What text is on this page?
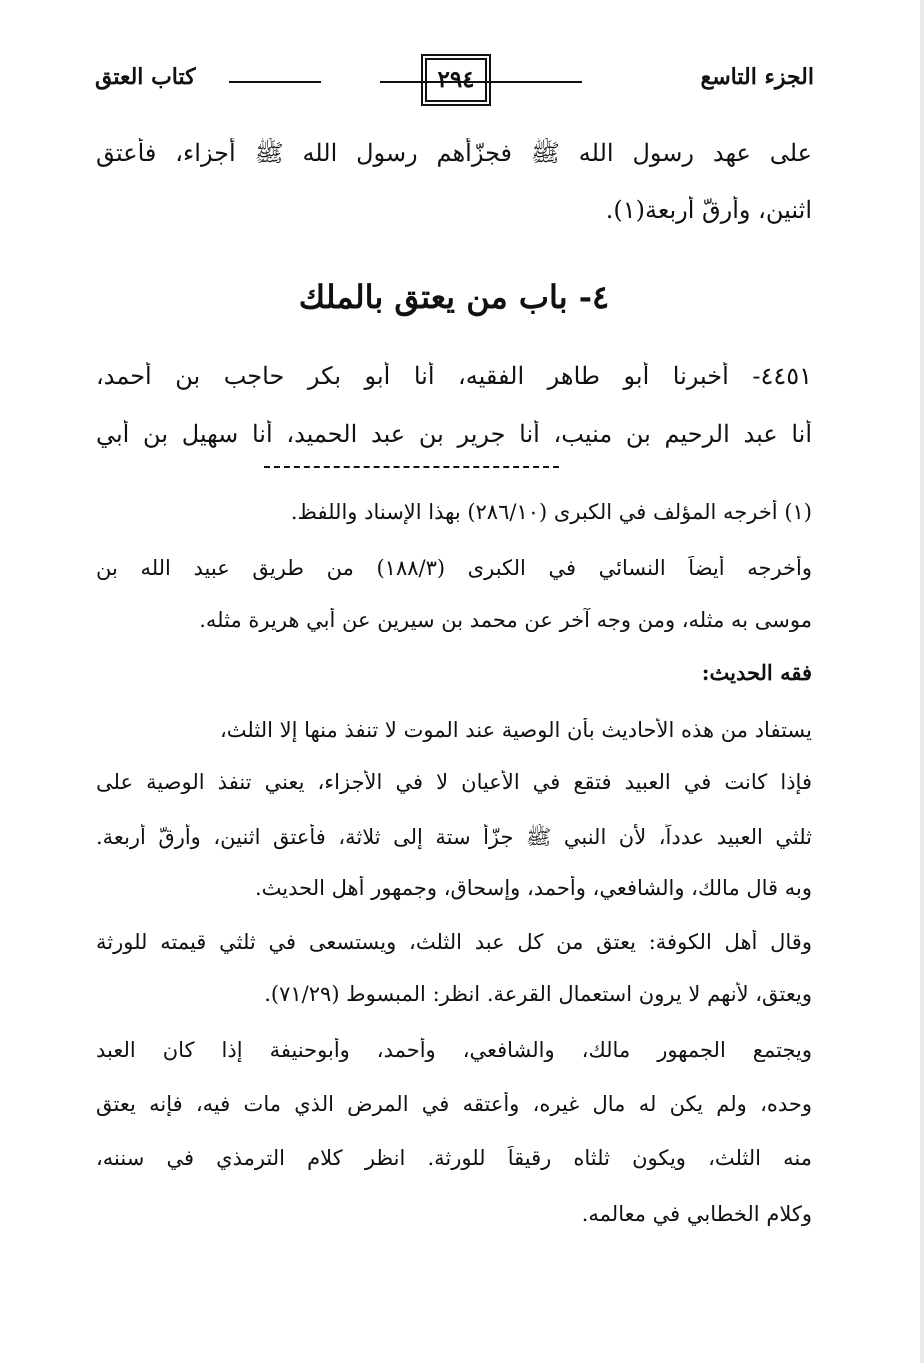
الجزء التاسع
٢٩٤
كتاب العتق
على عهد رسول الله ﷺ فجزّأهم رسول الله ﷺ أجزاء، فأعتق
اثنين، وأرقّ أربعة(١).
٤- باب من يعتق بالملك
٤٤٥١- أخبرنا أبو طاهر الفقيه، أنا أبو بكر حاجب بن أحمد،
أنا عبد الرحيم بن منيب، أنا جرير بن عبد الحميد، أنا سهيل بن أبي
(١) أخرجه المؤلف في الكبرى (٢٨٦/١٠) بهذا الإسناد واللفظ.
وأخرجه أيضاً النسائي في الكبرى (١٨٨/٣) من طريق عبيد الله بن
موسى به مثله، ومن وجه آخر عن محمد بن سيرين عن أبي هريرة مثله.
فقه الحديث:
يستفاد من هذه الأحاديث بأن الوصية عند الموت لا تنفذ منها إلا الثلث،
فإذا كانت في العبيد فتقع في الأعيان لا في الأجزاء، يعني تنفذ الوصية على
ثلثي العبيد عدداً، لأن النبي ﷺ جزّأ ستة إلى ثلاثة، فأعتق اثنين، وأرقّ أربعة.
وبه قال مالك، والشافعي، وأحمد، وإسحاق، وجمهور أهل الحديث.
وقال أهل الكوفة: يعتق من كل عبد الثلث، ويستسعى في ثلثي قيمته للورثة
ويعتق، لأنهم لا يرون استعمال القرعة. انظر: المبسوط (٧١/٢٩).
ويجتمع الجمهور مالك، والشافعي، وأحمد، وأبوحنيفة إذا كان العبد
وحده، ولم يكن له مال غيره، وأعتقه في المرض الذي مات فيه، فإنه يعتق
منه الثلث، ويكون ثلثاه رقيقاً للورثة. انظر كلام الترمذي في سننه،
وكلام الخطابي في معالمه.
